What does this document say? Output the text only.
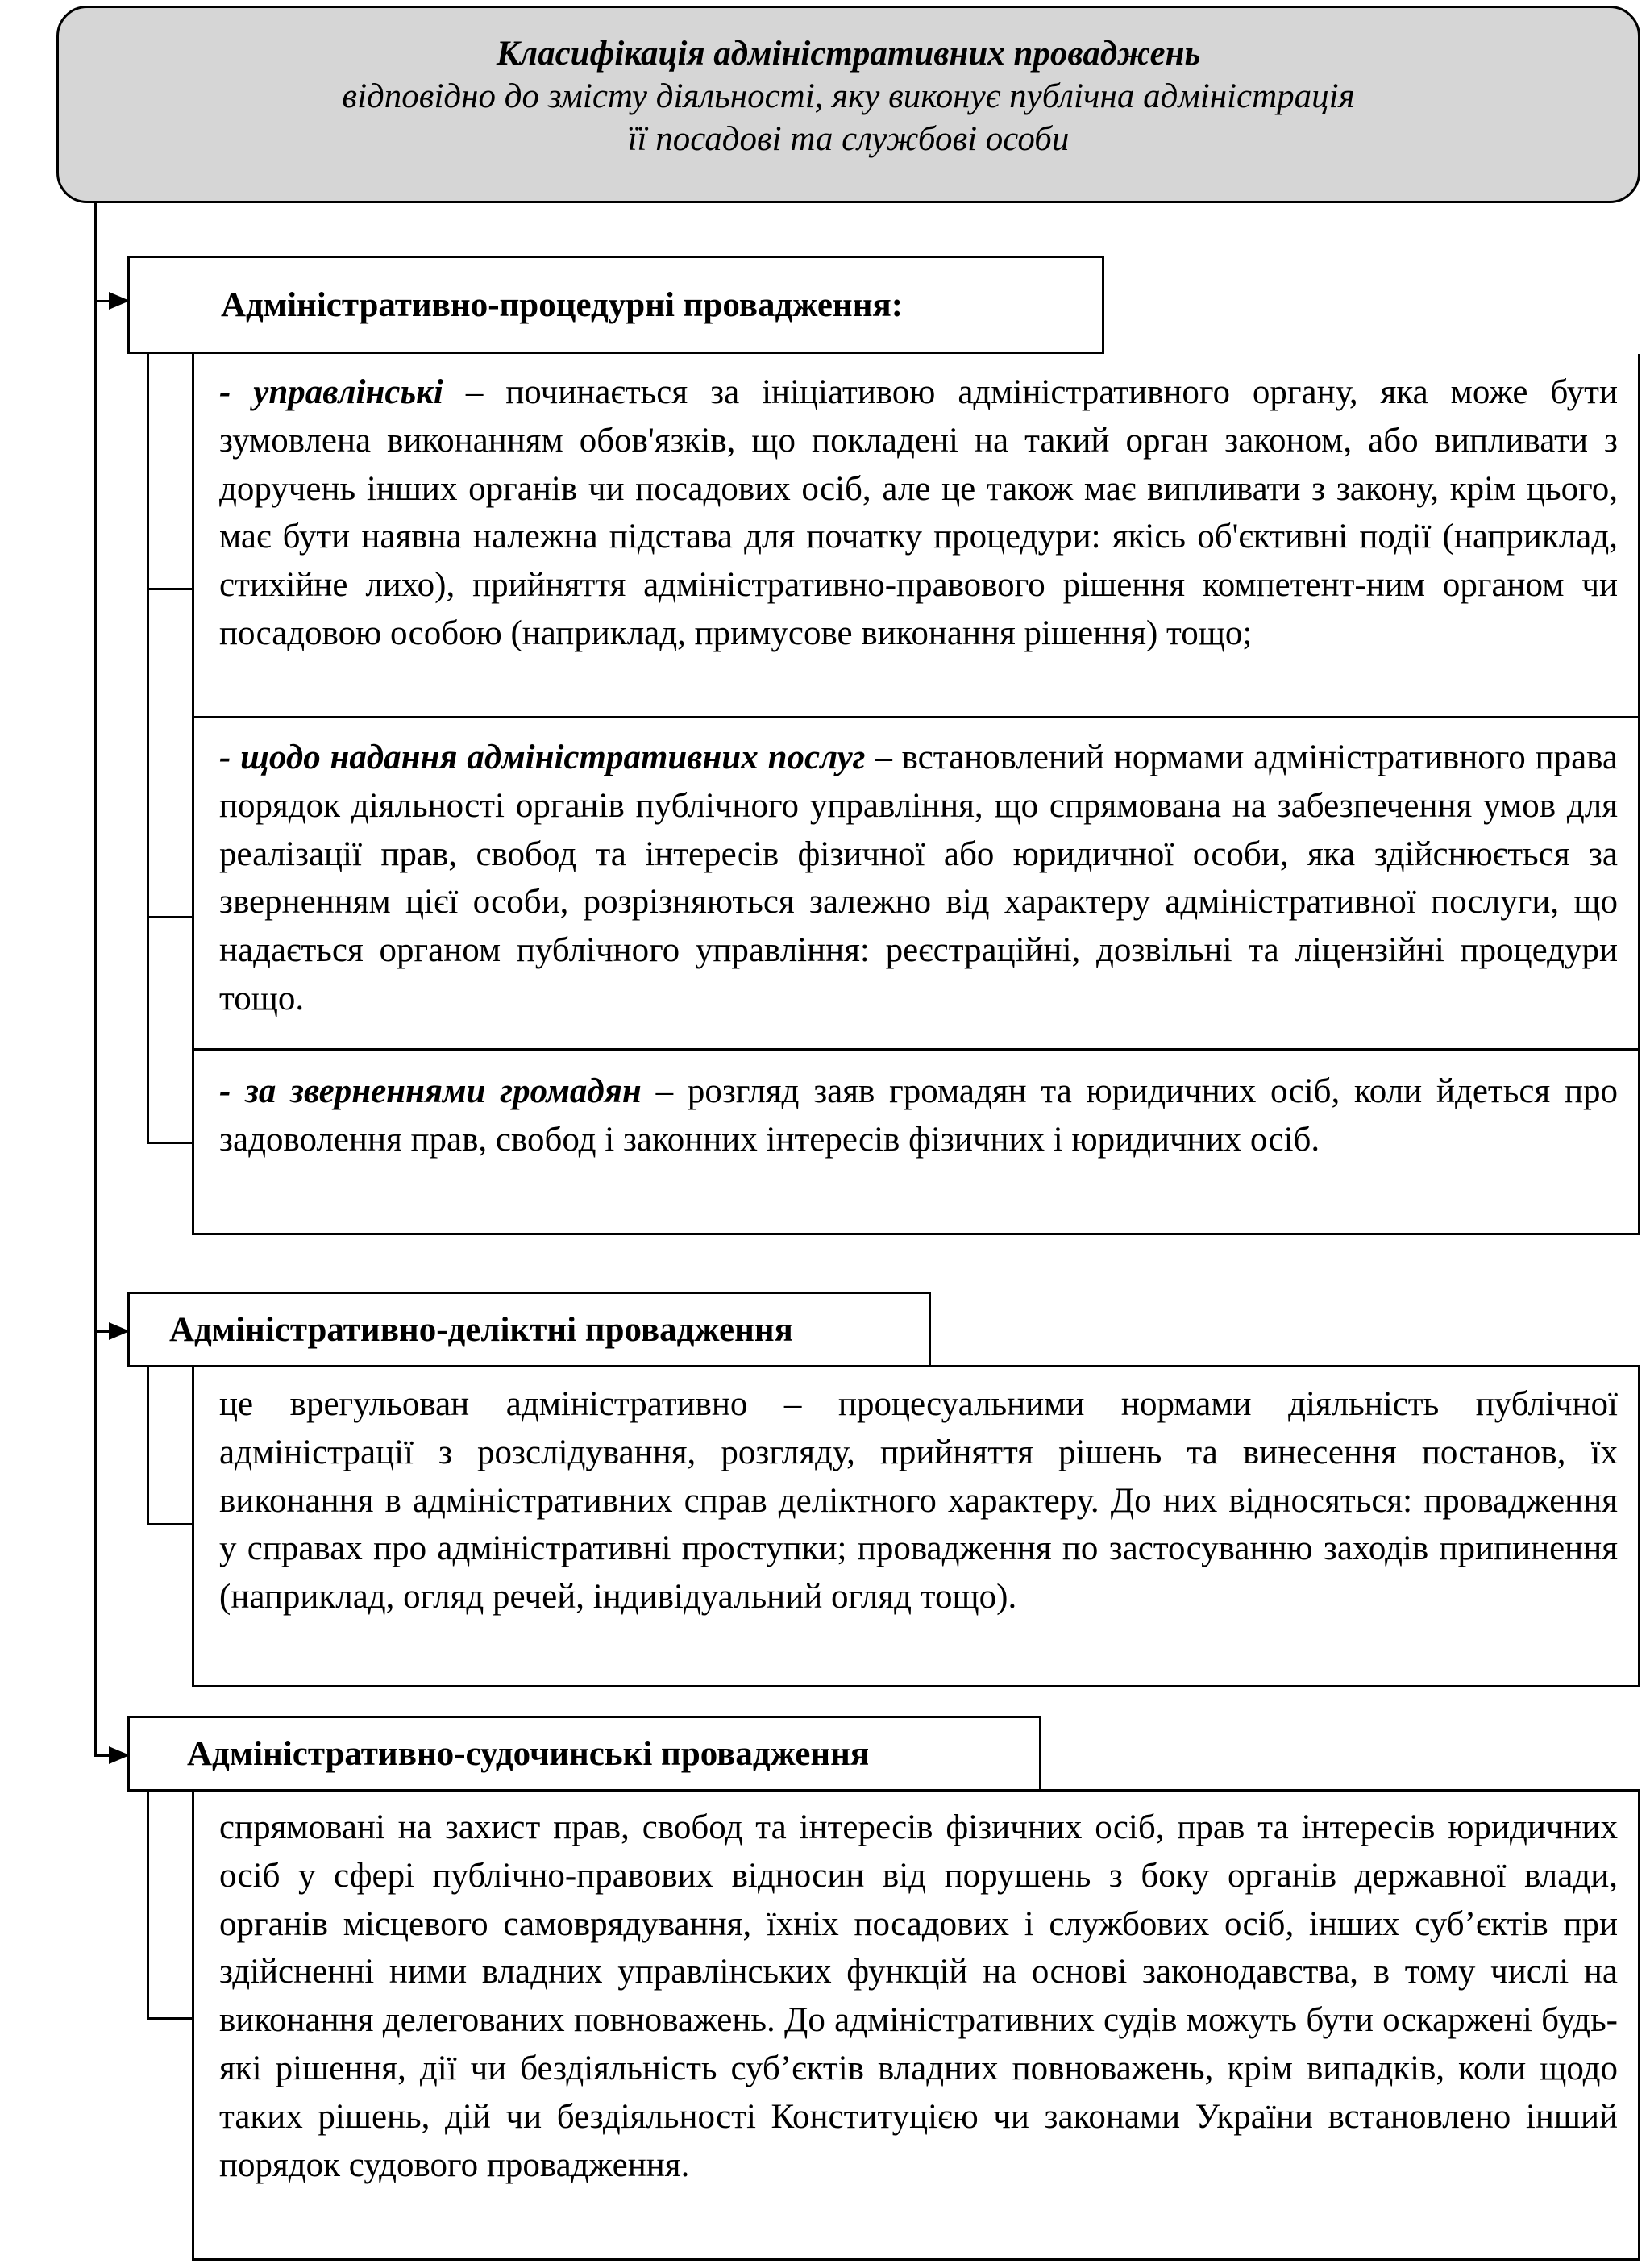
Класифікація адміністративних проваджень
відповідно до змісту діяльності, яку виконує публічна адміністрація
її посадові та службові особи
Адміністративно-процедурні провадження:
- управлінські – починається за ініціативою адміністративного органу, яка може бути зумовлена виконанням обов'язків, що покладені на такий орган законом, або випливати з доручень інших органів чи посадових осіб, але це також має випливати з закону, крім цього, має бути наявна належна підстава для початку процедури: якісь об'єктивні події (наприклад, стихійне лихо), прийняття адміністративно-правового рішення компетент-ним органом чи посадовою особою (наприклад, примусове виконання рішення) тощо;
- щодо надання адміністративних послуг – встановлений нормами адміністративного права порядок діяльності органів публічного управління, що спрямована на забезпечення умов для реалізації прав, свобод та інтересів фізичної або юридичної особи, яка здійснюється за зверненням цієї особи, розрізняються залежно від характеру адміністративної послуги, що надається органом публічного управління: реєстраційні, дозвільні та ліцензійні процедури тощо.
- за зверненнями громадян – розгляд заяв громадян та юридичних осіб, коли йдеться про задоволення прав, свобод і законних інтересів фізичних і юридичних осіб.
Адміністративно-деліктні провадження
це врегульован адміністративно – процесуальними нормами діяльність публічної адміністрації з розслідування, розгляду, прийняття рішень та винесення постанов, їх виконання в адміністративних справ деліктного характеру. До них відносяться: провадження у справах про адміністративні проступки; провадження по застосуванню заходів припинення (наприклад, огляд речей, індивідуальний огляд тощо).
Адміністративно-судочинські провадження
спрямовані на захист прав, свобод та інтересів фізичних осіб, прав та інтересів юридичних осіб у сфері публічно-правових відносин від порушень з боку органів державної влади, органів місцевого самоврядування, їхніх посадових і службових осіб, інших суб’єктів при здійсненні ними владних управлінських функцій на основі законодавства, в тому числі на виконання делегованих повноважень. До адміністративних судів можуть бути оскаржені будь-які рішення, дії чи бездіяльність суб’єктів владних повноважень, крім випадків, коли щодо таких рішень, дій чи бездіяльності Конституцією чи законами України встановлено інший порядок судового провадження.
